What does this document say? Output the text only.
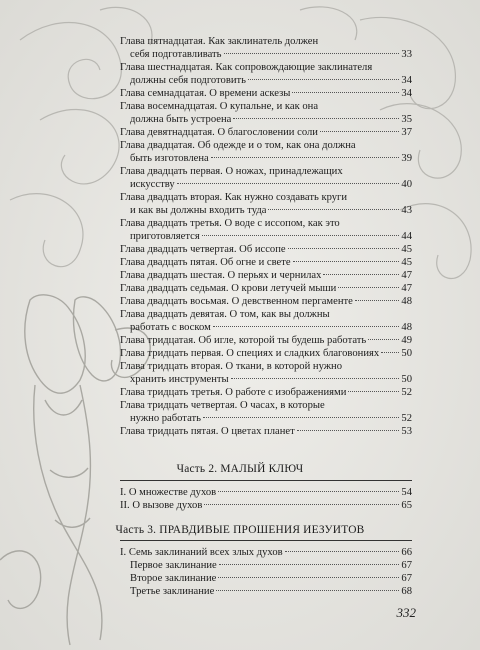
Глава пятнадцатая. Как заклинатель должен
себя подготавливать	33
Глава шестнадцатая. Как сопровождающие заклинателя
должны себя подготовить	34
Глава семнадцатая. О времени аскезы	34
Глава восемнадцатая. О купальне, и как она
должна быть устроена	35
Глава девятнадцатая. О благословении соли	37
Глава двадцатая. Об одежде и о том, как она должна
быть изготовлена	39
Глава двадцать первая. О ножах, принадлежащих
искусству	40
Глава двадцать вторая. Как нужно создавать круги
и как вы должны входить туда	43
Глава двадцать третья. О воде с иссопом, как это
приготовляется	44
Глава двадцать четвертая. Об иссопе	45
Глава двадцать пятая. Об огне и свете	45
Глава двадцать шестая. О перьях и чернилах	47
Глава двадцать седьмая. О крови летучей мыши	47
Глава двадцать восьмая. О девственном пергаменте	48
Глава двадцать девятая. О том, как вы должны
работать с воском	48
Глава тридцатая. Об игле, которой ты будешь работать	49
Глава тридцать первая. О специях и сладких благовониях 50
Глава тридцать вторая. О ткани, в которой нужно
хранить инструменты	50
Глава тридцать третья. О работе с изображениями	52
Глава тридцать четвертая. О часах, в которые
нужно работать	52
Глава тридцать пятая. О цветах планет	53
Часть 2. МАЛЫЙ КЛЮЧ
I. О множестве духов	54
II. О вызове духов	65
Часть 3. ПРАВДИВЫЕ ПРОШЕНИЯ ИЕЗУИТОВ
I. Семь заклинаний всех злых духов	66
Первое заклинание	67
Второе заклинание	67
Третье заклинание	68
332
